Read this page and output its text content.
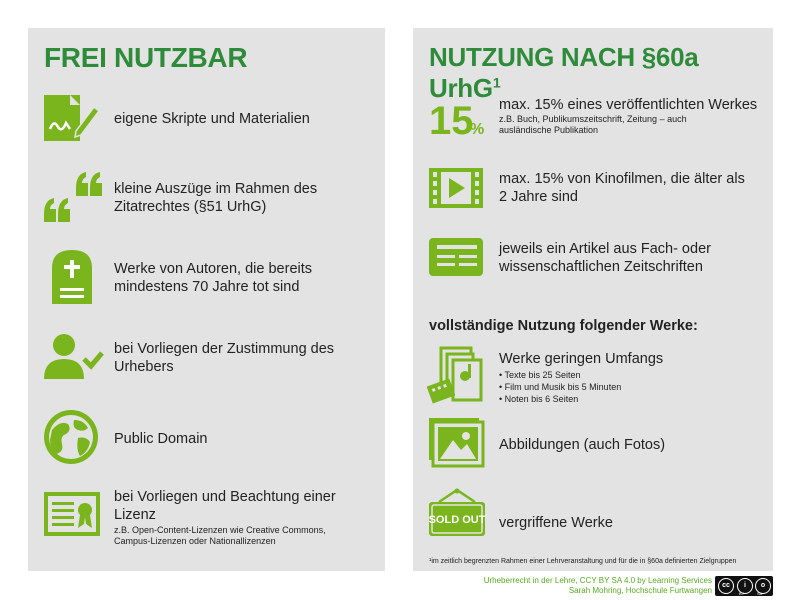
FREI NUTZBAR
eigene Skripte und Materialien
kleine Auszüge im Rahmen des Zitatrechtes (§51 UrhG)
Werke von Autoren, die bereits mindestens 70 Jahre tot sind
bei Vorliegen der Zustimmung des Urhebers
Public Domain
bei Vorliegen und Beachtung einer Lizenz
z.B. Open-Content-Lizenzen wie Creative Commons, Campus-Lizenzen oder Nationallizenzen
NUTZUNG NACH §60a UrhG$^1$
15
%
max. 15% eines veröffentlichten Werkes
z.B. Buch, Publikumszeitschrift, Zeitung – auch ausländische Publikation
max. 15% von Kinofilmen, die älter als 2 Jahre sind
jeweils ein Artikel aus Fach- oder wissenschaftlichen Zeitschriften
vollständige Nutzung folgender Werke:
Werke geringen Umfangs
• Texte bis 25 Seiten
• Film und Musik bis 5 Minuten
• Noten bis 6 Seiten
Abbildungen (auch Fotos)
SOLD OUT vergriffene Werke
¹im zeitlich begrenzten Rahmen einer Lehrveranstaltung und für die in §60a definierten Zielgruppen
Urheberrecht in der Lehre, CCY BY SA 4.0 by Learning Services
Sarah Mohring, Hochschule Furtwangen
cc	i	o
BY	SA
